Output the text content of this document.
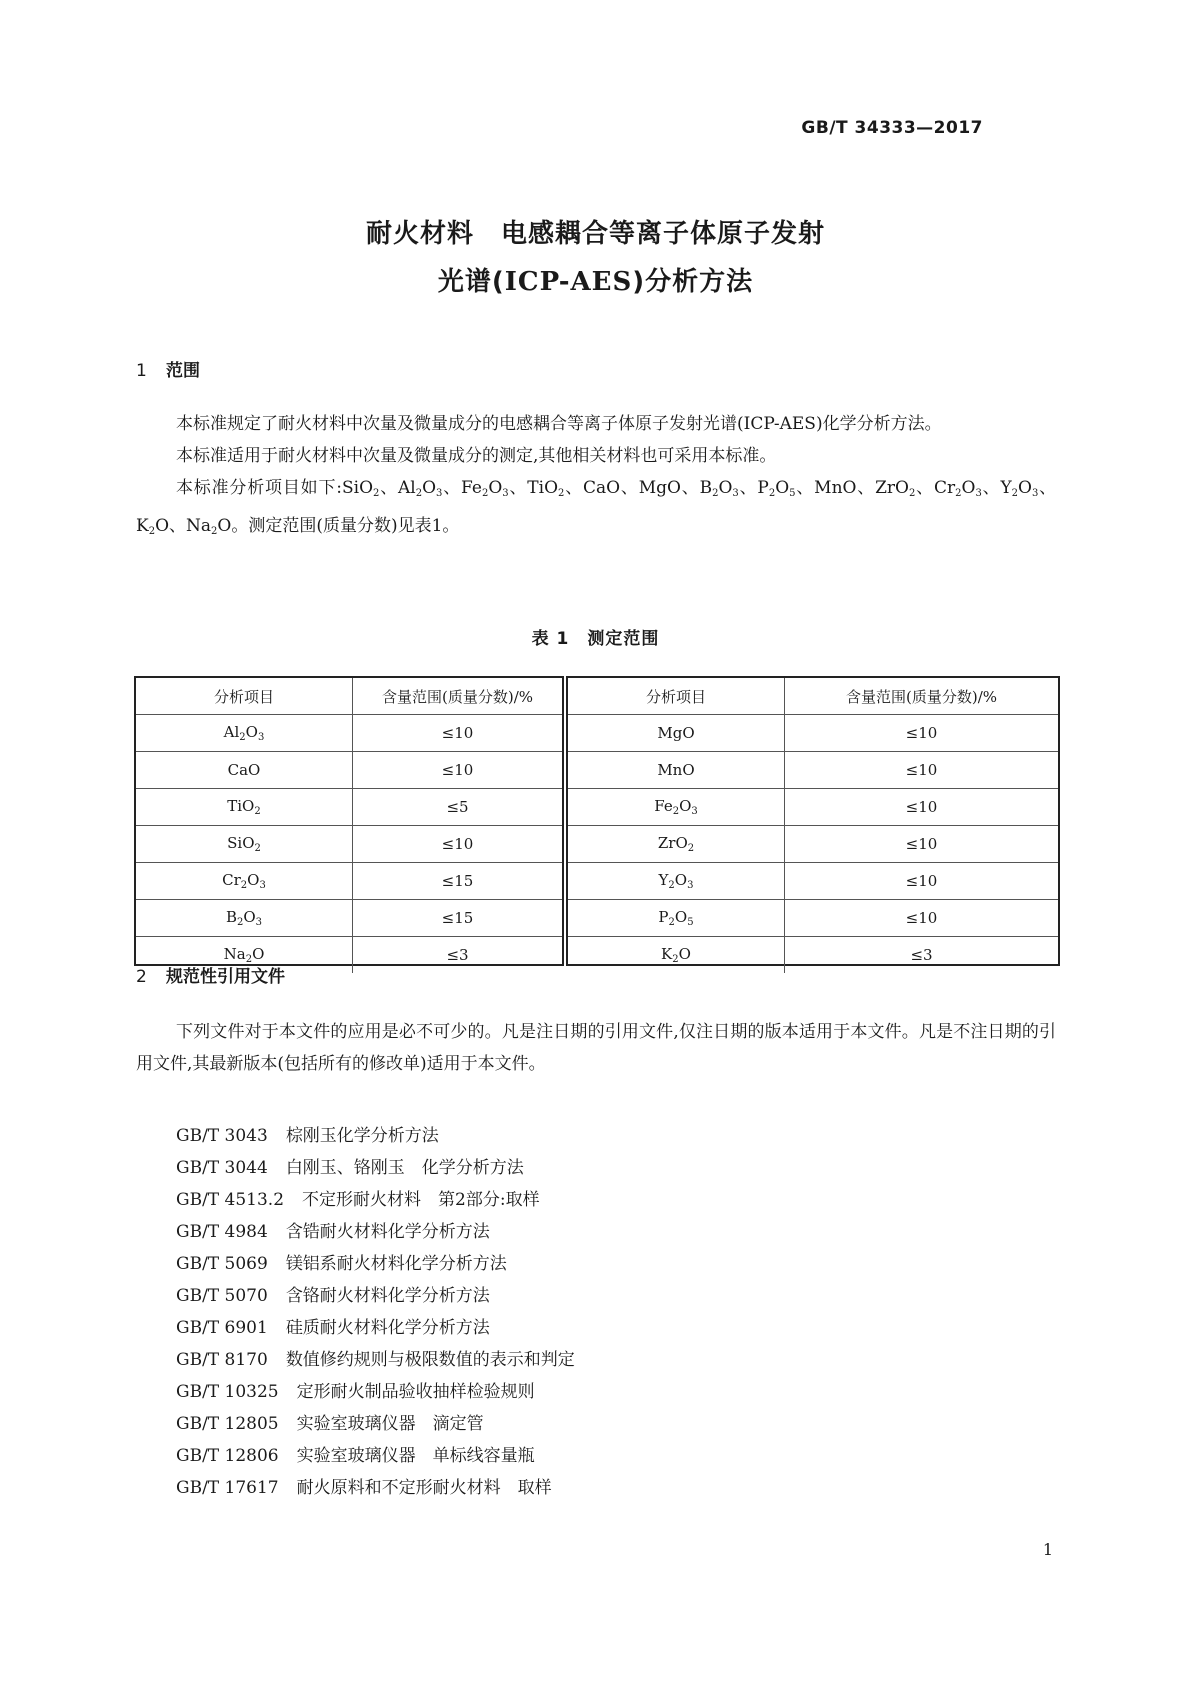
GB/T 34333—2017
耐火材料　电感耦合等离子体原子发射
光谱(ICP-AES)分析方法
1 范围

本标准规定了耐火材料中次量及微量成分的电感耦合等离子体原子发射光谱(ICP-AES)化学分析方法。

本标准适用于耐火材料中次量及微量成分的测定,其他相关材料也可采用本标准。

本标准分析项目如下:SiO$_2$、$Al_2O_3$、$Fe_2O_3$、TiO$_2$、CaO、MgO、$B_2O_3$、$P_2O_5$、MnO、ZrO$_2$、$Cr_2O_3$、$Y_2O_3$、$K_2O$、$Na_2O$。测定范围(质量分数)见表1。

表 1　测定范围
分析项目	含量范围(质量分数)/%
$Al_2O_3$	≤10
CaO	≤10
TiO$_2$	≤5
SiO$_2$	≤10
$Cr_2O_3$	≤15
$B_2O_3$	≤15
$Na_2O$	≤3
分析项目	含量范围(质量分数)/%
MgO	≤10
MnO	≤10
$Fe_2O_3$	≤10
ZrO$_2$	≤10
$Y_2O_3$	≤10
$P_2O_5$	≤10
$K_2O$	≤3
2 规范性引用文件

下列文件对于本文件的应用是必不可少的。凡是注日期的引用文件,仅注日期的版本适用于本文件。凡是不注日期的引用文件,其最新版本(包括所有的修改单)适用于本文件。

GB/T 3043 棕刚玉化学分析方法
GB/T 3044 白刚玉、铬刚玉　化学分析方法
GB/T 4513.2 不定形耐火材料　第2部分:取样
GB/T 4984 含锆耐火材料化学分析方法
GB/T 5069 镁铝系耐火材料化学分析方法
GB/T 5070 含铬耐火材料化学分析方法
GB/T 6901 硅质耐火材料化学分析方法
GB/T 8170 数值修约规则与极限数值的表示和判定
GB/T 10325 定形耐火制品验收抽样检验规则
GB/T 12805 实验室玻璃仪器　滴定管
GB/T 12806 实验室玻璃仪器　单标线容量瓶
GB/T 17617 耐火原料和不定形耐火材料　取样
1
